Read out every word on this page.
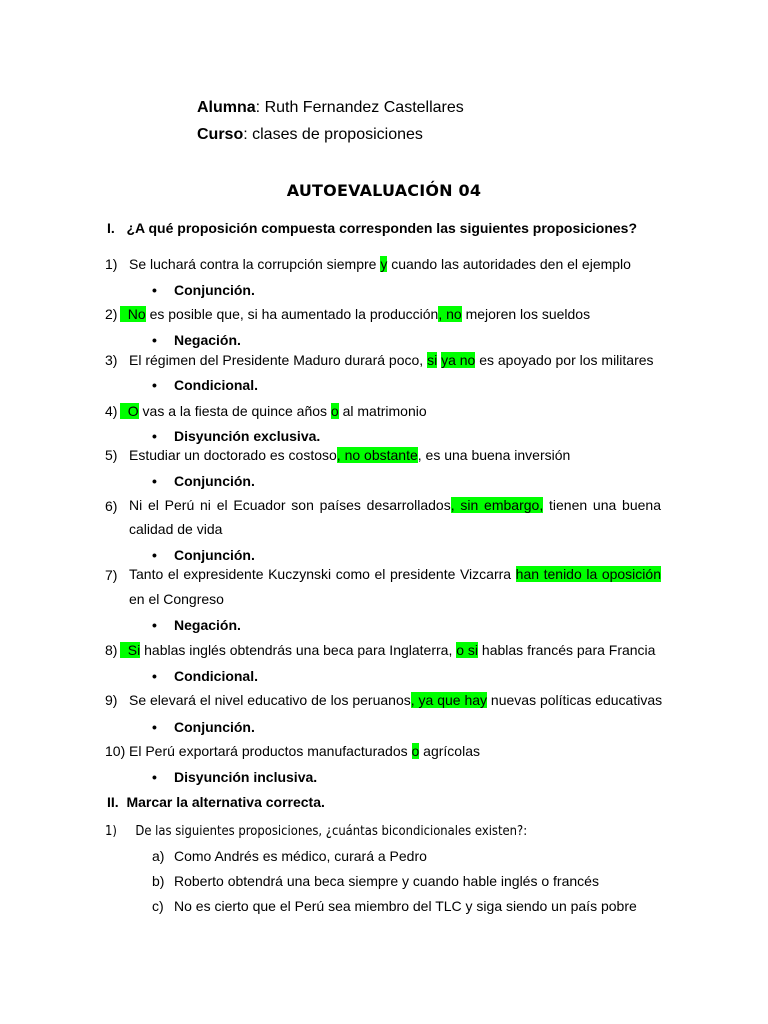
Alumna: Ruth Fernandez Castellares
Curso: clases de proposiciones
AUTOEVALUACIÓN 04
I. ¿A qué proposición compuesta corresponden las siguientes proposiciones?
1) Se luchará contra la corrupción siempre y cuando las autoridades den el ejemplo
• Conjunción.
2) No es posible que, si ha aumentado la producción, no mejoren los sueldos
• Negación.
3) El régimen del Presidente Maduro durará poco, si ya no es apoyado por los militares
• Condicional.
4) O vas a la fiesta de quince años o al matrimonio
• Disyunción exclusiva.
5) Estudiar un doctorado es costoso, no obstante, es una buena inversión
• Conjunción.
6) Ni el Perú ni el Ecuador son países desarrollados, sin embargo, tienen una buena calidad de vida
• Conjunción.
7) Tanto el expresidente Kuczynski como el presidente Vizcarra han tenido la oposición en el Congreso
• Negación.
8) Si hablas inglés obtendrás una beca para Inglaterra, o si hablas francés para Francia
• Condicional.
9) Se elevará el nivel educativo de los peruanos, ya que hay nuevas políticas educativas
• Conjunción.
10) El Perú exportará productos manufacturados o agrícolas
• Disyunción inclusiva.
II. Marcar la alternativa correcta.
1) De las siguientes proposiciones, ¿cuántas bicondicionales existen?:
a) Como Andrés es médico, curará a Pedro
b) Roberto obtendrá una beca siempre y cuando hable inglés o francés
c) No es cierto que el Perú sea miembro del TLC y siga siendo un país pobre
